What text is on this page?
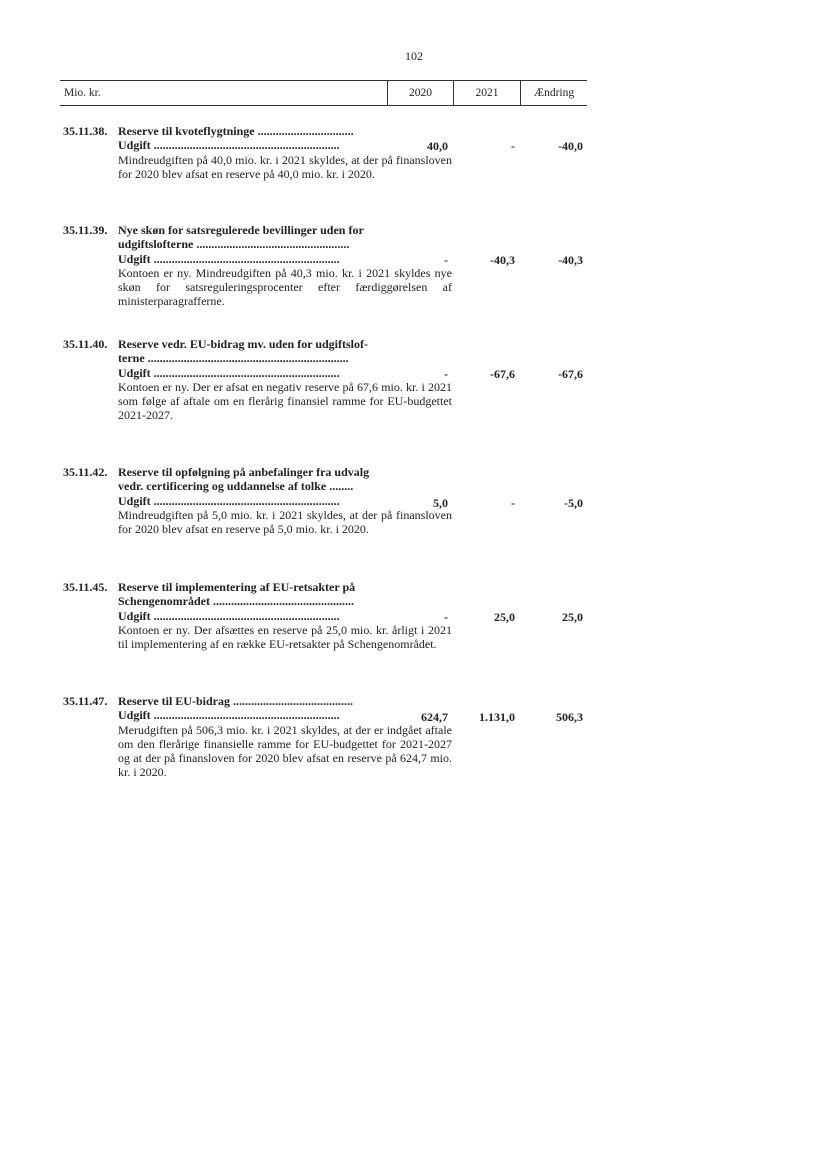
102
Mio. kr.	2020	2021	Ændring
35.11.38. Reserve til kvoteflygtninge ................................
Udgift ..............................................................
Mindreudgiften på 40,0 mio. kr. i 2021 skyldes, at der på finansloven for 2020 blev afsat en reserve på 40,0 mio. kr. i 2020.
40,0	-	-40,0
35.11.39. Nye skøn for satsregulerede bevillinger uden for
udgiftslofterne ...................................................
Udgift ..............................................................
Kontoen er ny. Mindreudgiften på 40,3 mio. kr. i 2021 skyldes nye skøn for satsreguleringsprocenter efter færdiggørelsen af ministerparagrafferne.
-	-40,3	-40,3
35.11.40. Reserve vedr. EU-bidrag mv. uden for udgiftslof-
terne ...................................................................
Udgift ..............................................................
Kontoen er ny. Der er afsat en negativ reserve på 67,6 mio. kr. i 2021 som følge af aftale om en flerårig finansiel ramme for EU-budgettet 2021-2027.
-	-67,6	-67,6
35.11.42. Reserve til opfølgning på anbefalinger fra udvalg
vedr. certificering og uddannelse af tolke ........
Udgift ..............................................................
Mindreudgiften på 5,0 mio. kr. i 2021 skyldes, at der på finansloven for 2020 blev afsat en reserve på 5,0 mio. kr. i 2020.
5,0	-	-5,0
35.11.45. Reserve til implementering af EU-retsakter på
Schengenområdet ...............................................
Udgift ..............................................................
Kontoen er ny. Der afsættes en reserve på 25,0 mio. kr. årligt i 2021 til implementering af en række EU-retsakter på Schengenområdet.
-	25,0	25,0
35.11.47. Reserve til EU-bidrag ........................................
Udgift ..............................................................
Merudgiften på 506,3 mio. kr. i 2021 skyldes, at der er indgået aftale om den flerårige finansielle ramme for EU-budgettet for 2021-2027 og at der på finansloven for 2020 blev afsat en reserve på 624,7 mio. kr. i 2020.
624,7	1.131,0	506,3
